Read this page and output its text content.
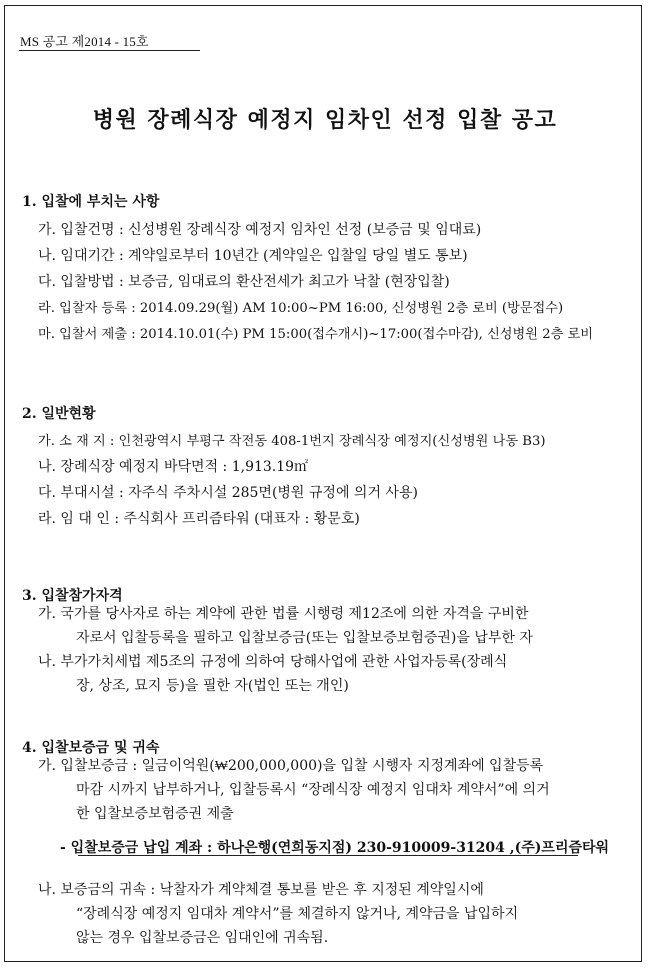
MS 공고 제2014 - 15호
병원 장례식장 예정지 임차인 선정 입찰 공고
1. 입찰에 부치는 사항
가. 입찰건명 : 신성병원 장례식장 예정지 임차인 선정 (보증금 및 임대료)
나. 임대기간 : 계약일로부터 10년간 (계약일은 입찰일 당일 별도 통보)
다. 입찰방법 : 보증금, 임대료의 환산전세가 최고가 낙찰 (현장입찰)
라. 입찰자 등록 : 2014.09.29(월) AM 10:00~PM 16:00, 신성병원 2층 로비 (방문접수)
마. 입찰서 제출 : 2014.10.01(수) PM 15:00(접수개시)~17:00(접수마감), 신성병원 2층 로비
2. 일반현황
가. 소 재 지 : 인천광역시 부평구 작전동 408-1번지 장례식장 예정지(신성병원 나동 B3)
나. 장례식장 예정지 바닥면적 : 1,913.19㎡
다. 부대시설 : 자주식 주차시설 285면(병원 규정에 의거 사용)
라. 임 대 인 : 주식회사 프리즘타워 (대표자 : 황문호)
3. 입찰참가자격
가. 국가를 당사자로 하는 계약에 관한 법률 시행령 제12조에 의한 자격을 구비한
자로서 입찰등록을 필하고 입찰보증금(또는 입찰보증보험증권)을 납부한 자
나. 부가가치세법 제5조의 규정에 의하여 당해사업에 관한 사업자등록(장례식
장, 상조, 묘지 등)을 필한 자(법인 또는 개인)
4. 입찰보증금 및 귀속
가. 입찰보증금 : 일금이억원(₩200,000,000)을 입찰 시행자 지정계좌에 입찰등록
마감 시까지 납부하거나, 입찰등록시 “장례식장 예정지 임대차 계약서”에 의거
한 입찰보증보험증권 제출
- 입찰보증금 납입 계좌 : 하나은행(연희동지점) 230-910009-31204 ,(주)프리즘타워
나. 보증금의 귀속 : 낙찰자가 계약체결 통보를 받은 후 지정된 계약일시에
“장례식장 예정지 임대차 계약서”를 체결하지 않거나, 계약금을 납입하지
않는 경우 입찰보증금은 임대인에 귀속됨.
